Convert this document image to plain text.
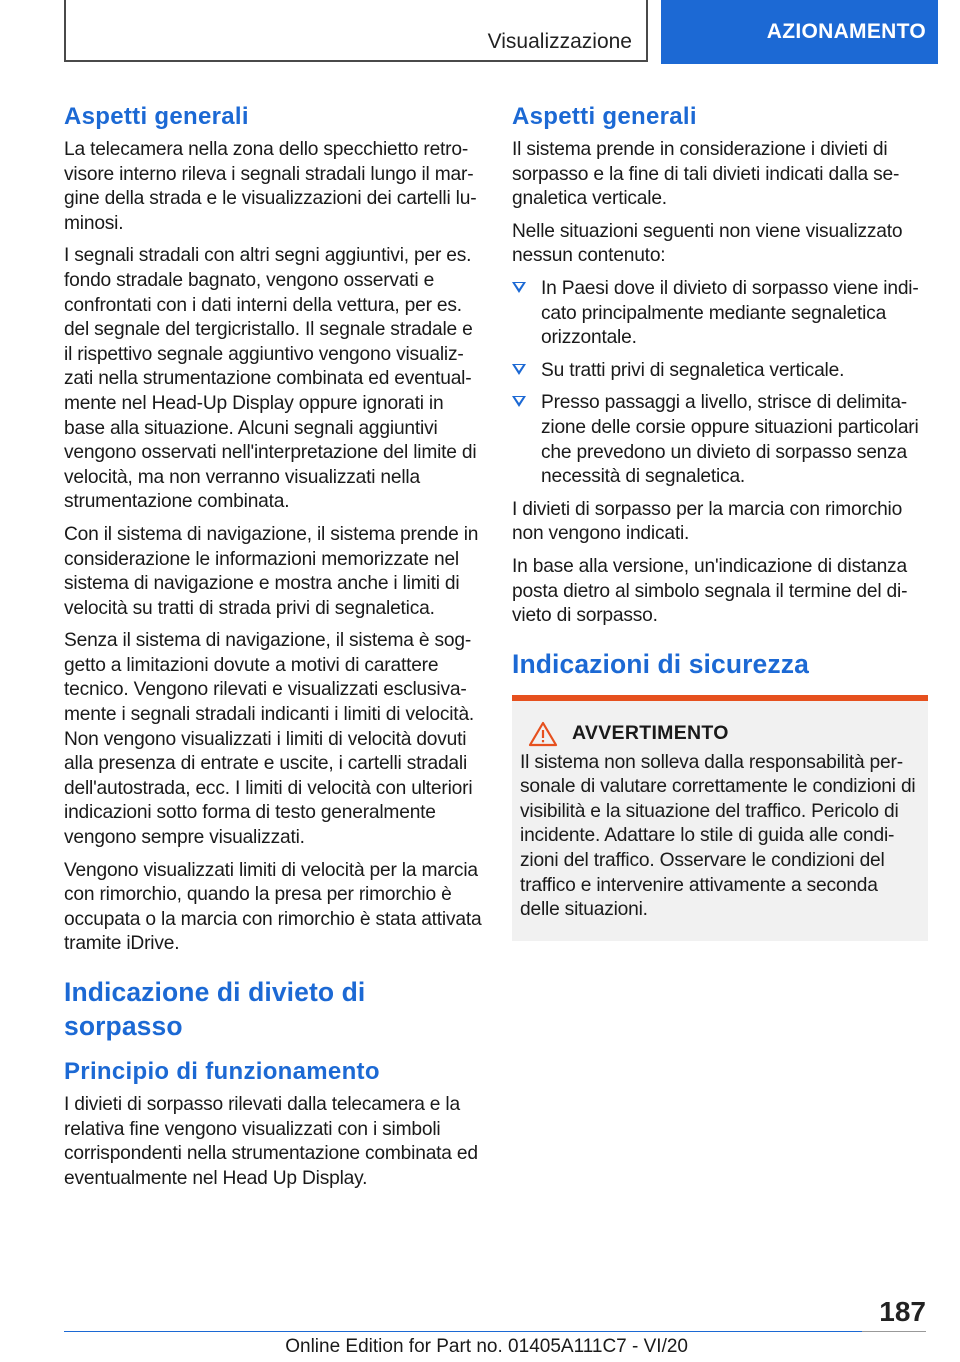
Visualizzazione	AZIONAMENTO
Aspetti generali

La telecamera nella zona dello specchietto retrovisore interno rileva i segnali stradali lungo il margine della strada e le visualizzazioni dei cartelli luminosi.

I segnali stradali con altri segni aggiuntivi, per es. fondo stradale bagnato, vengono osservati e confrontati con i dati interni della vettura, per es. del segnale del tergicristallo. Il segnale stradale e il rispettivo segnale aggiuntivo vengono visualizzati nella strumentazione combinata ed eventualmente nel Head-Up Display oppure ignorati in base alla situazione. Alcuni segnali aggiuntivi vengono osservati nell'interpretazione del limite di velocità, ma non verranno visualizzati nella strumentazione combinata.

Con il sistema di navigazione, il sistema prende in considerazione le informazioni memorizzate nel sistema di navigazione e mostra anche i limiti di velocità su tratti di strada privi di segnaletica.

Senza il sistema di navigazione, il sistema è soggetto a limitazioni dovute a motivi di carattere tecnico. Vengono rilevati e visualizzati esclusivamente i segnali stradali indicanti i limiti di velocità. Non vengono visualizzati i limiti di velocità dovuti alla presenza di entrate e uscite, i cartelli stradali dell'autostrada, ecc. I limiti di velocità con ulteriori indicazioni sotto forma di testo generalmente vengono sempre visualizzati.

Vengono visualizzati limiti di velocità per la marcia con rimorchio, quando la presa per rimorchio è occupata o la marcia con rimorchio è stata attivata tramite iDrive.

Indicazione di divieto di sorpasso
Principio di funzionamento

I divieti di sorpasso rilevati dalla telecamera e la relativa fine vengono visualizzati con i simboli corrispondenti nella strumentazione combinata ed eventualmente nel Head Up Display.

Aspetti generali

Il sistema prende in considerazione i divieti di sorpasso e la fine di tali divieti indicati dalla segnaletica verticale.

Nelle situazioni seguenti non viene visualizzato nessun contenuto:

In Paesi dove il divieto di sorpasso viene indicato principalmente mediante segnaletica orizzontale.
Su tratti privi di segnaletica verticale.
Presso passaggi a livello, strisce di delimitazione delle corsie oppure situazioni particolari che prevedono un divieto di sorpasso senza necessità di segnaletica.

I divieti di sorpasso per la marcia con rimorchio non vengono indicati.

In base alla versione, un'indicazione di distanza posta dietro al simbolo segnala il termine del divieto di sorpasso.

Indicazioni di sicurezza
AVVERTIMENTO

Il sistema non solleva dalla responsabilità personale di valutare correttamente le condizioni di visibilità e la situazione del traffico. Pericolo di incidente. Adattare lo stile di guida alle condizioni del traffico. Osservare le condizioni del traffico e intervenire attivamente a seconda delle situazioni.

187
Online Edition for Part no. 01405A111C7 - VI/20
